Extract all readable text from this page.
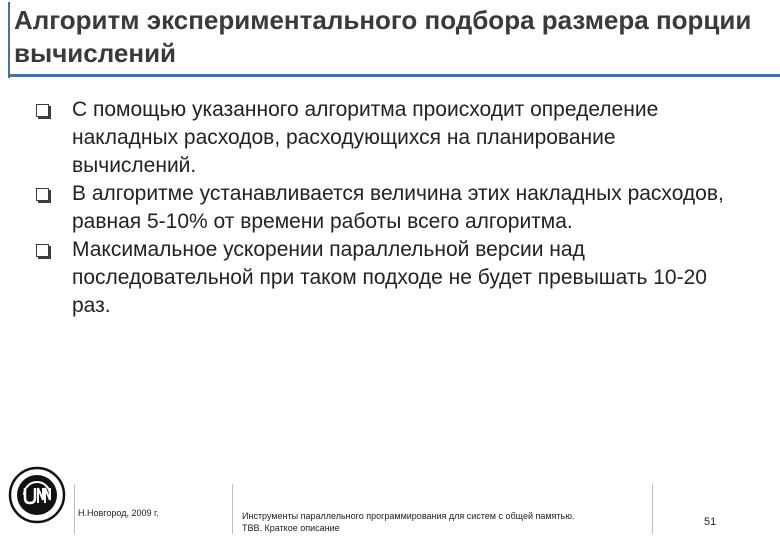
Алгоритм экспериментального подбора размера порции вычислений
С помощью указанного алгоритма происходит определение накладных расходов, расходующихся на планирование вычислений.
В алгоритме устанавливается величина этих накладных расходов, равная 5-10% от времени работы всего алгоритма.
Максимальное ускорении параллельной версии над последовательной при таком подходе не будет превышать 10-20 раз.
Н.Новгород, 2009 г.	Инструменты параллельного программирования для систем с общей памятью.
TBB. Краткое описание	51
